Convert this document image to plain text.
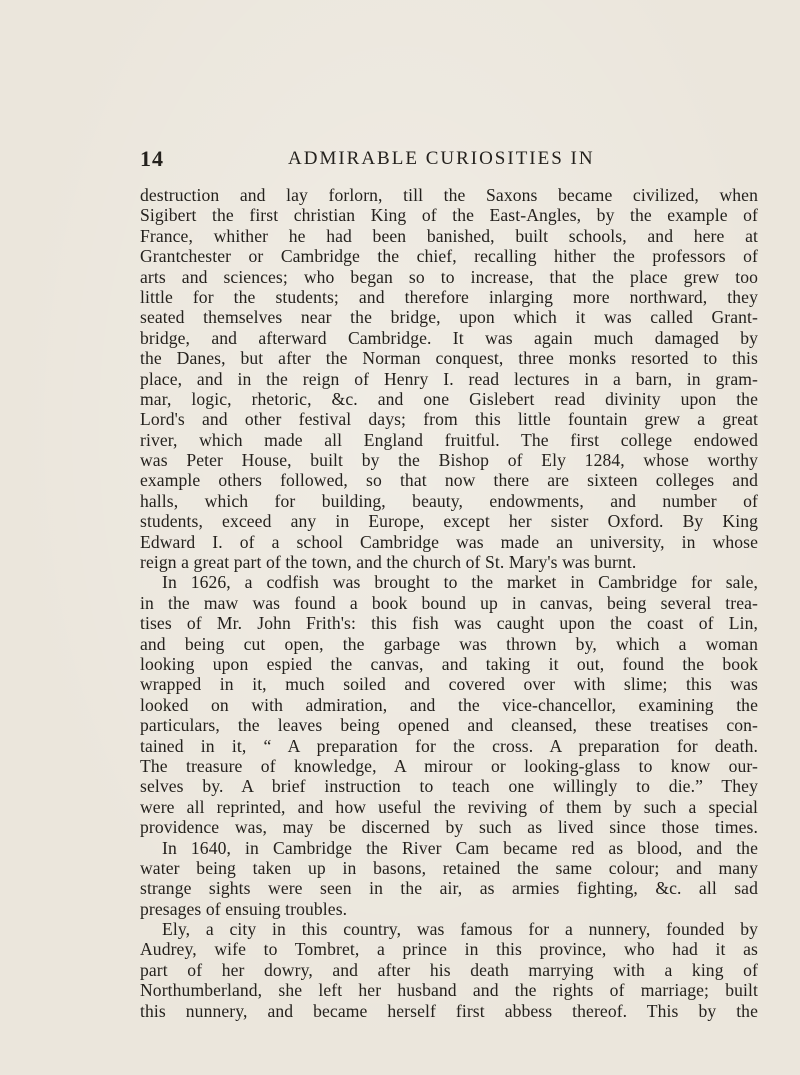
14	ADMIRABLE CURIOSITIES IN
destruction and lay forlorn, till the Saxons became civilized, when
Sigibert the first christian King of the East-Angles, by the example of
France, whither he had been banished, built schools, and here at
Grantchester or Cambridge the chief, recalling hither the professors of
arts and sciences; who began so to increase, that the place grew too
little for the students; and therefore inlarging more northward, they
seated themselves near the bridge, upon which it was called Grant-
bridge, and afterward Cambridge. It was again much damaged by
the Danes, but after the Norman conquest, three monks resorted to this
place, and in the reign of Henry I. read lectures in a barn, in gram-
mar, logic, rhetoric, &c. and one Gislebert read divinity upon the
Lord's and other festival days; from this little fountain grew a great
river, which made all England fruitful. The first college endowed
was Peter House, built by the Bishop of Ely 1284, whose worthy
example others followed, so that now there are sixteen colleges and
halls, which for building, beauty, endowments, and number of
students, exceed any in Europe, except her sister Oxford. By King
Edward I. of a school Cambridge was made an university, in whose
reign a great part of the town, and the church of St. Mary's was burnt.
In 1626, a codfish was brought to the market in Cambridge for sale,
in the maw was found a book bound up in canvas, being several trea-
tises of Mr. John Frith's: this fish was caught upon the coast of Lin,
and being cut open, the garbage was thrown by, which a woman
looking upon espied the canvas, and taking it out, found the book
wrapped in it, much soiled and covered over with slime; this was
looked on with admiration, and the vice-chancellor, examining the
particulars, the leaves being opened and cleansed, these treatises con-
tained in it, “ A preparation for the cross. A preparation for death.
The treasure of knowledge, A mirour or looking-glass to know our-
selves by. A brief instruction to teach one willingly to die.” They
were all reprinted, and how useful the reviving of them by such a special
providence was, may be discerned by such as lived since those times.
In 1640, in Cambridge the River Cam became red as blood, and the
water being taken up in basons, retained the same colour; and many
strange sights were seen in the air, as armies fighting, &c. all sad
presages of ensuing troubles.
Ely, a city in this country, was famous for a nunnery, founded by
Audrey, wife to Tombret, a prince in this province, who had it as
part of her dowry, and after his death marrying with a king of
Northumberland, she left her husband and the rights of marriage; built
this nunnery, and became herself first abbess thereof. This by the
